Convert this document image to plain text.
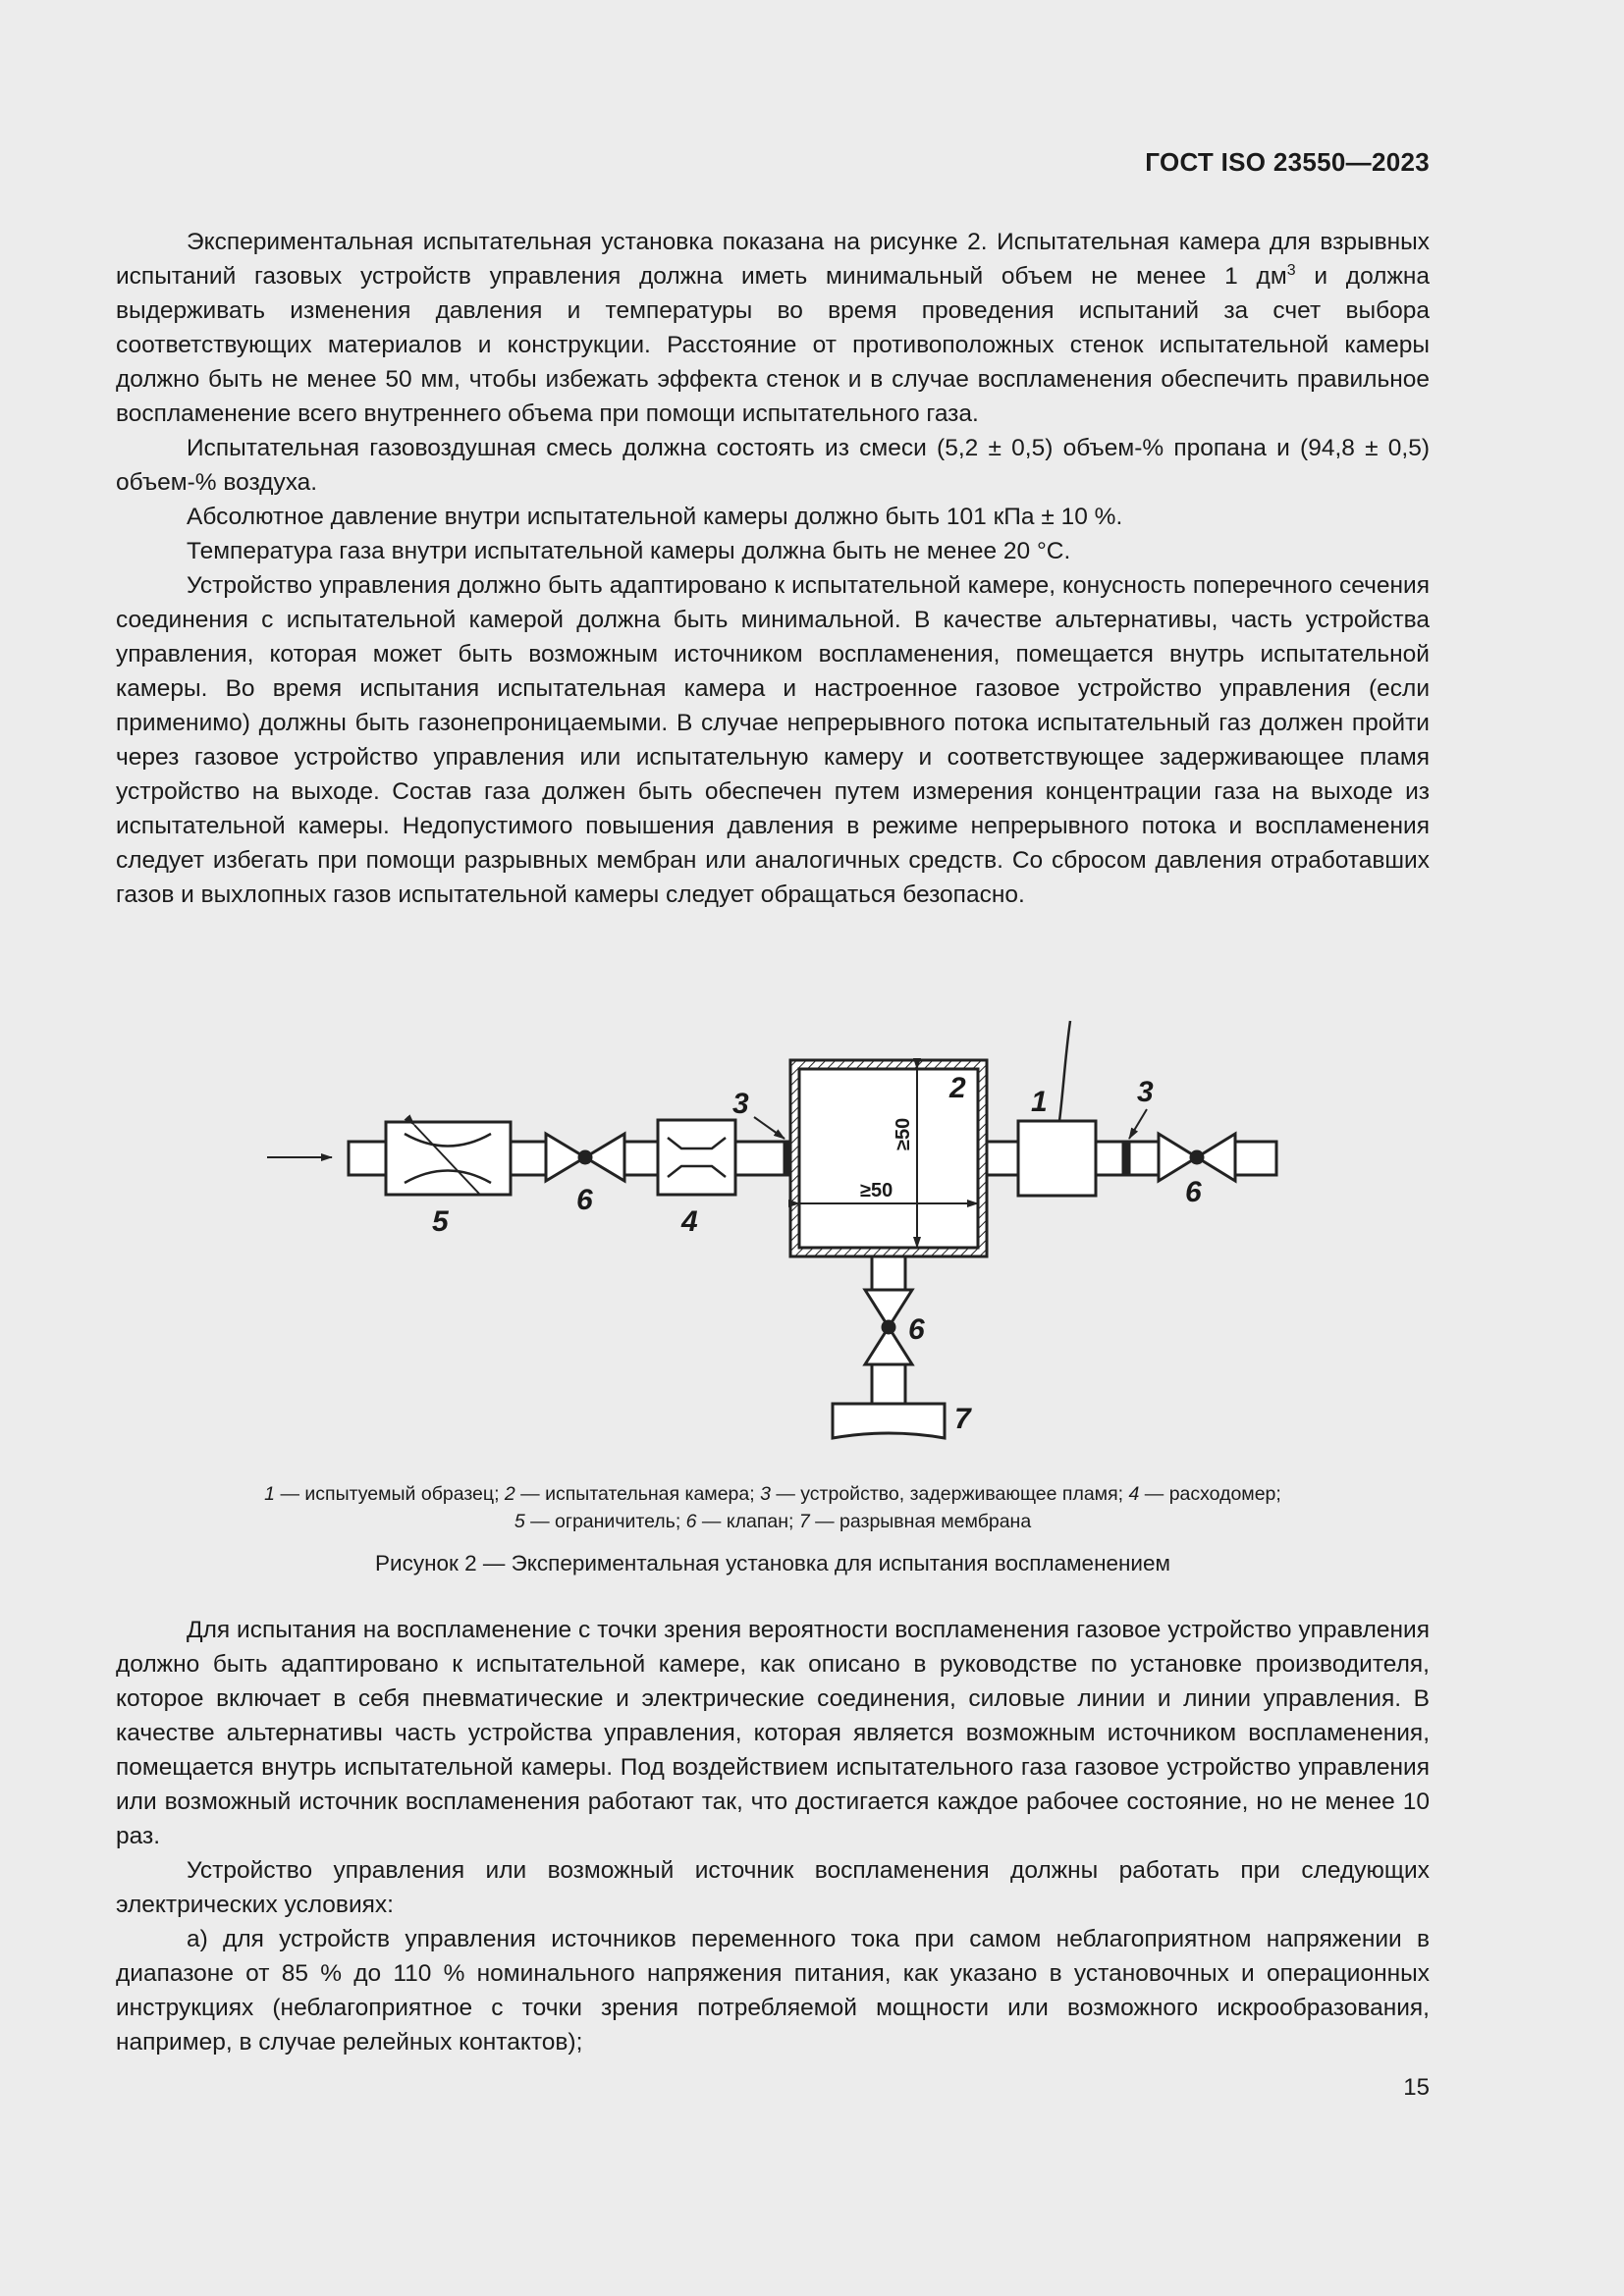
ГОСТ ISO 23550—2023

Экспериментальная испытательная установка показана на рисунке 2. Испытательная камера для взрывных испытаний газовых устройств управления должна иметь минимальный объем не менее 1 $дм^3$ и должна выдерживать изменения давления и температуры во время проведения испытаний за счет выбора соответствующих материалов и конструкции. Расстояние от противоположных стенок испытательной камеры должно быть не менее 50 мм, чтобы избежать эффекта стенок и в случае воспламенения обеспечить правильное воспламенение всего внутреннего объема при помощи испытательного газа.

Испытательная газовоздушная смесь должна состоять из смеси (5,2 ± 0,5) объем-% пропана и (94,8 ± 0,5) объем-% воздуха.

Абсолютное давление внутри испытательной камеры должно быть 101 кПа ± 10 %.

Температура газа внутри испытательной камеры должна быть не менее 20 °С.

Устройство управления должно быть адаптировано к испытательной камере, конусность поперечного сечения соединения с испытательной камерой должна быть минимальной. В качестве альтернативы, часть устройства управления, которая может быть возможным источником воспламенения, помещается внутрь испытательной камеры. Во время испытания испытательная камера и настроенное газовое устройство управления (если применимо) должны быть газонепроницаемыми. В случае непрерывного потока испытательный газ должен пройти через газовое устройство управления или испытательную камеру и соответствующее задерживающее пламя устройство на выходе. Состав газа должен быть обеспечен путем измерения концентрации газа на выходе из испытательной камеры. Недопустимого повышения давления в режиме непрерывного потока и воспламенения следует избегать при помощи разрывных мембран или аналогичных средств. Со сбросом давления отработавших газов и выхлопных газов испытательной камеры следует обращаться безопасно.

1
2
3	3
4
5
6	6
6
7
≥50
≥50
1 — испытуемый образец; 2 — испытательная камера; 3 — устройство, задерживающее пламя; 4 — расходомер;
5 — ограничитель; 6 — клапан; 7 — разрывная мембрана
Рисунок 2 — Экспериментальная установка для испытания воспламенением

Для испытания на воспламенение с точки зрения вероятности воспламенения газовое устройство управления должно быть адаптировано к испытательной камере, как описано в руководстве по установке производителя, которое включает в себя пневматические и электрические соединения, силовые линии и линии управления. В качестве альтернативы часть устройства управления, которая является возможным источником воспламенения, помещается внутрь испытательной камеры. Под воздействием испытательного газа газовое устройство управления или возможный источник воспламенения работают так, что достигается каждое рабочее состояние, но не менее 10 раз.

Устройство управления или возможный источник воспламенения должны работать при следующих электрических условиях:

а) для устройств управления источников переменного тока при самом неблагоприятном напряжении в диапазоне от 85 % до 110 % номинального напряжения питания, как указано в установочных и операционных инструкциях (неблагоприятное с точки зрения потребляемой мощности или возможного искрообразования, например, в случае релейных контактов);

15
